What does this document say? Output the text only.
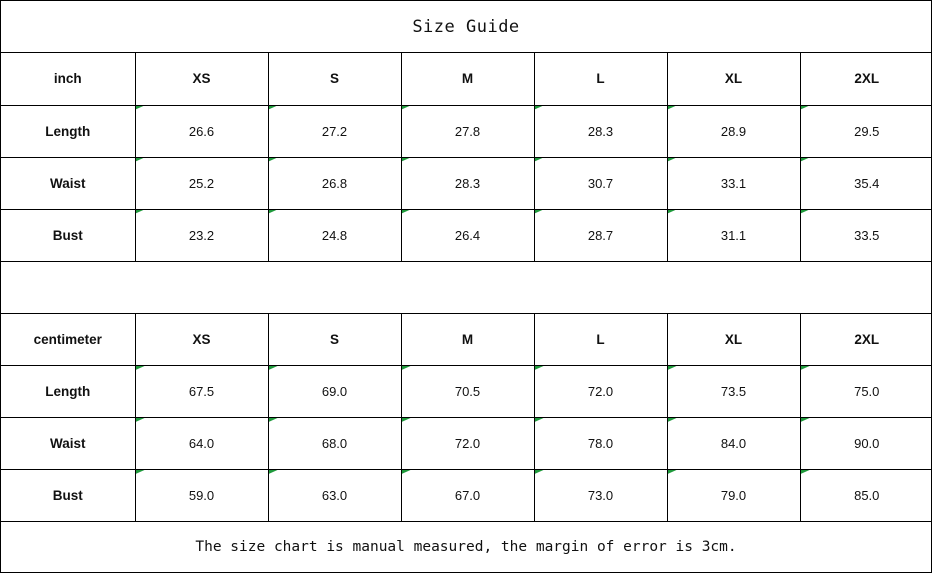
Size Guide
inch	XS	S	M	L	XL	2XL
Length	26.6	27.2	27.8	28.3	28.9	29.5
Waist	25.2	26.8	28.3	30.7	33.1	35.4
Bust	23.2	24.8	26.4	28.7	31.1	33.5
centimeter	XS	S	M	L	XL	2XL
Length	67.5	69.0	70.5	72.0	73.5	75.0
Waist	64.0	68.0	72.0	78.0	84.0	90.0
Bust	59.0	63.0	67.0	73.0	79.0	85.0
The size chart is manual measured, the margin of error is 3cm.
